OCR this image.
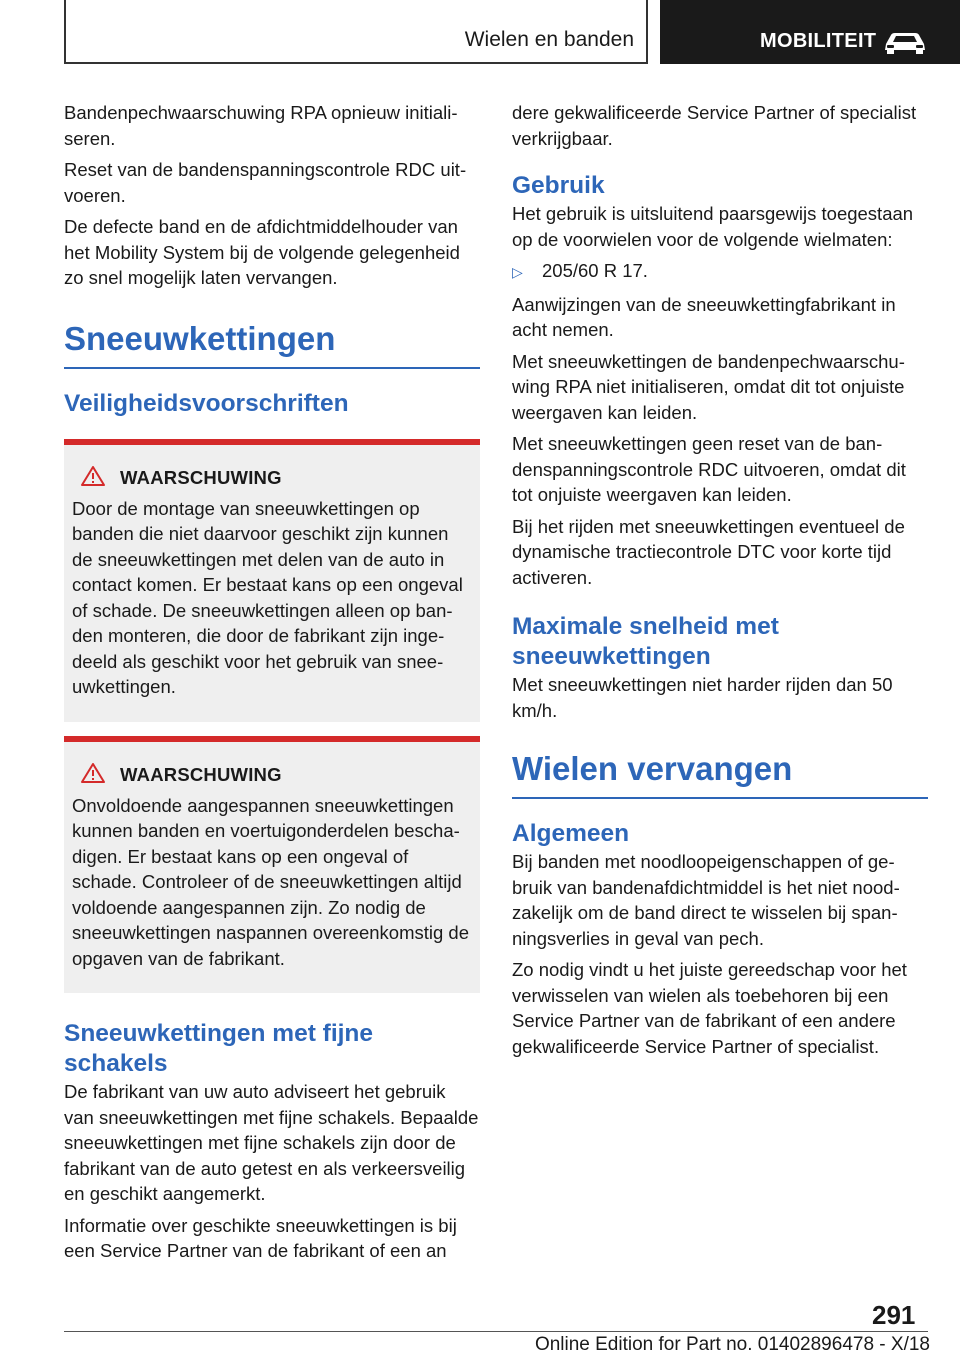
Wielen en banden	MOBILITEIT

Bandenpechwaarschuwing RPA opnieuw initialiseren.

Reset van de bandenspanningscontrole RDC uitvoeren.

De defecte band en de afdichtmiddelhouder van het Mobility System bij de volgende gelegenheid zo snel mogelijk laten vervangen.

Sneeuwkettingen
Veiligheidsvoorschriften
WAARSCHUWING

Door de montage van sneeuwkettingen op banden die niet daarvoor geschikt zijn kunnen de sneeuwkettingen met delen van de auto in contact komen. Er bestaat kans op een ongeval of schade. De sneeuwkettingen alleen op banden monteren, die door de fabrikant zijn ingedeeld als geschikt voor het gebruik van sneeuwkettingen.

WAARSCHUWING

Onvoldoende aangespannen sneeuwkettingen kunnen banden en voertuigonderdelen beschadigen. Er bestaat kans op een ongeval of schade. Controleer of de sneeuwkettingen altijd voldoende aangespannen zijn. Zo nodig de sneeuwkettingen naspannen overeenkomstig de opgaven van de fabrikant.

Sneeuwkettingen met fijne schakels

De fabrikant van uw auto adviseert het gebruik van sneeuwkettingen met fijne schakels. Bepaalde sneeuwkettingen met fijne schakels zijn door de fabrikant van de auto getest en als verkeersveilig en geschikt aangemerkt.

Informatie over geschikte sneeuwkettingen is bij een Service Partner van de fabrikant of een an

dere gekwalificeerde Service Partner of specialist verkrijgbaar.

Gebruik

Het gebruik is uitsluitend paarsgewijs toegestaan op de voorwielen voor de volgende wielmaten:

▷	205/60 R 17.

Aanwijzingen van de sneeuwkettingfabrikant in acht nemen.

Met sneeuwkettingen de bandenpechwaarschuwing RPA niet initialiseren, omdat dit tot onjuiste weergaven kan leiden.

Met sneeuwkettingen geen reset van de bandenspanningscontrole RDC uitvoeren, omdat dit tot onjuiste weergaven kan leiden.

Bij het rijden met sneeuwkettingen eventueel de dynamische tractiecontrole DTC voor korte tijd activeren.

Maximale snelheid met sneeuwkettingen

Met sneeuwkettingen niet harder rijden dan 50 km/h.

Wielen vervangen
Algemeen

Bij banden met noodloopeigenschappen of gebruik van bandenafdichtmiddel is het niet noodzakelijk om de band direct te wisselen bij spanningsverlies in geval van pech.

Zo nodig vindt u het juiste gereedschap voor het verwisselen van wielen als toebehoren bij een Service Partner van de fabrikant of een andere gekwalificeerde Service Partner of specialist.

291
Online Edition for Part no. 01402896478 - X/18
